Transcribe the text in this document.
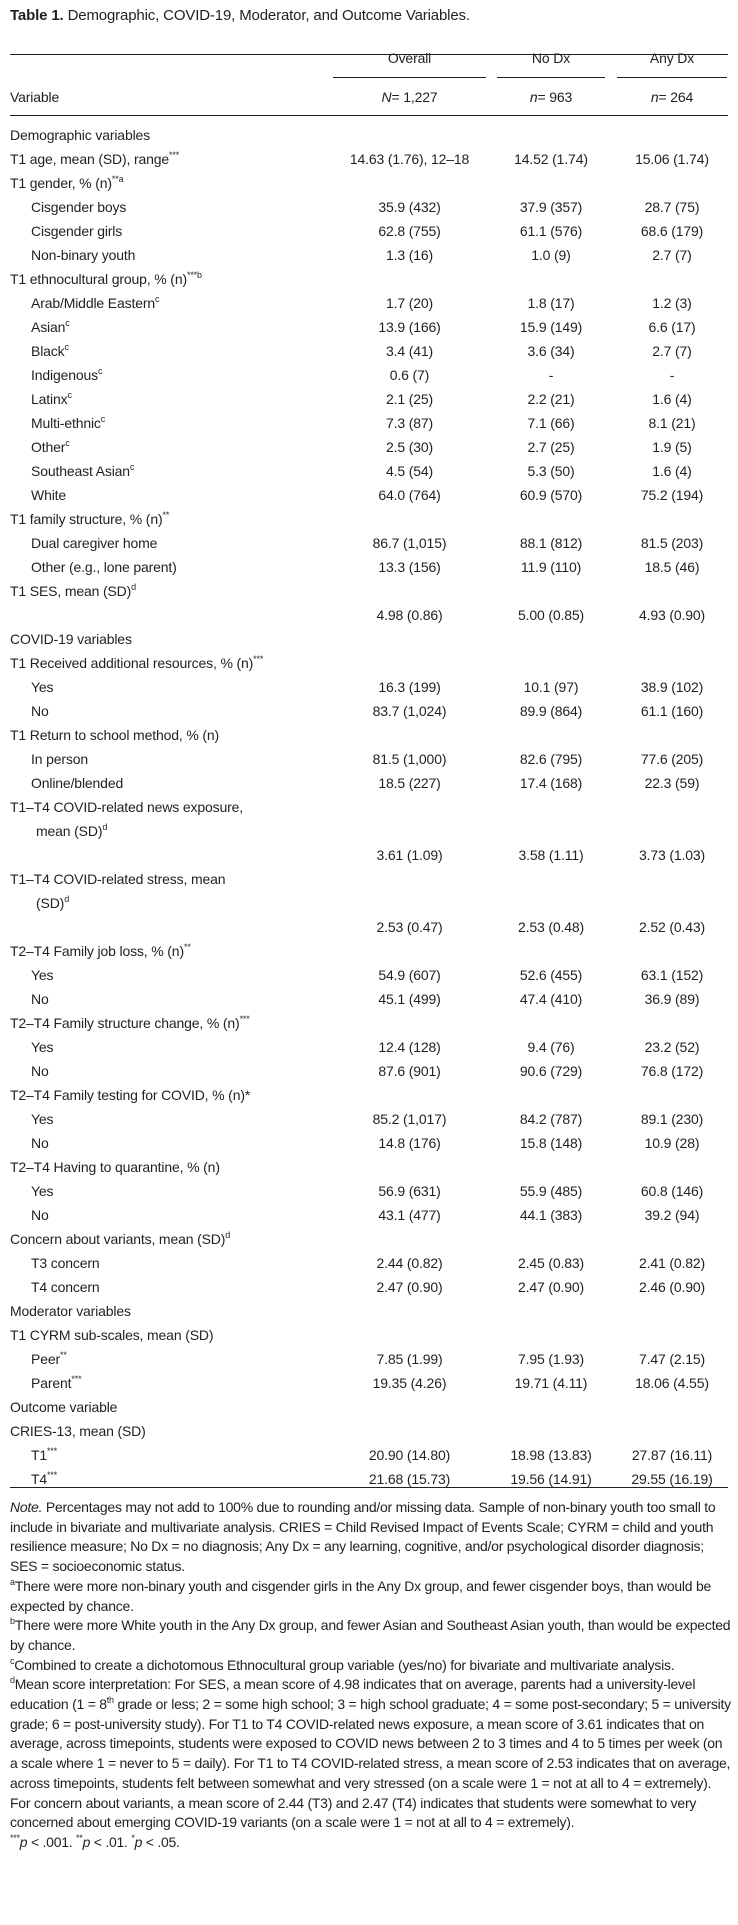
Table 1. Demographic, COVID-19, Moderator, and Outcome Variables.
Overall	No Dx	Any Dx
Variable	N= 1,227	n= 963	n= 264
Demographic variables
T1 age, mean (SD), range***	14.63 (1.76), 12–18	14.52 (1.74)	15.06 (1.74)
T1 gender, % $(n)^{**a}$
Cisgender boys	35.9 (432)	37.9 (357)	28.7 (75)
Cisgender girls	62.8 (755)	61.1 (576)	68.6 (179)
Non-binary youth	1.3 (16)	1.0 (9)	2.7 (7)
T1 ethnocultural group, % $(n)^{***b}$
Arab/Middle Eastern$^c$	1.7 (20)	1.8 (17)	1.2 (3)
Asian$^c$	13.9 (166)	15.9 (149)	6.6 (17)
Black$^c$	3.4 (41)	3.6 (34)	2.7 (7)
Indigenous$^c$	0.6 (7)	-	-
Latinx$^c$	2.1 (25)	2.2 (21)	1.6 (4)
Multi-ethnic$^c$	7.3 (87)	7.1 (66)	8.1 (21)
Other$^c$	2.5 (30)	2.7 (25)	1.9 (5)
Southeast Asian$^c$	4.5 (54)	5.3 (50)	1.6 (4)
White	64.0 (764)	60.9 (570)	75.2 (194)
T1 family structure, % (n)**
Dual caregiver home	86.7 (1,015)	88.1 (812)	81.5 (203)
Other (e.g., lone parent)	13.3 (156)	11.9 (110)	18.5 (46)
T1 SES, mean (SD)$^d$
4.98 (0.86)	5.00 (0.85)	4.93 (0.90)
COVID-19 variables
T1 Received additional resources, % (n)***
Yes	16.3 (199)	10.1 (97)	38.9 (102)
No	83.7 (1,024)	89.9 (864)	61.1 (160)
T1 Return to school method, % (n)
In person	81.5 (1,000)	82.6 (795)	77.6 (205)
Online/blended	18.5 (227)	17.4 (168)	22.3 (59)
T1–T4 COVID-related news exposure,
mean (SD)$^d$
3.61 (1.09)	3.58 (1.11)	3.73 (1.03)
T1–T4 COVID-related stress, mean
(SD)$^d$
2.53 (0.47)	2.53 (0.48)	2.52 (0.43)
T2–T4 Family job loss, % (n)**
Yes	54.9 (607)	52.6 (455)	63.1 (152)
No	45.1 (499)	47.4 (410)	36.9 (89)
T2–T4 Family structure change, % (n)***
Yes	12.4 (128)	9.4 (76)	23.2 (52)
No	87.6 (901)	90.6 (729)	76.8 (172)
T2–T4 Family testing for COVID, % (n)*
Yes	85.2 (1,017)	84.2 (787)	89.1 (230)
No	14.8 (176)	15.8 (148)	10.9 (28)
T2–T4 Having to quarantine, % (n)
Yes	56.9 (631)	55.9 (485)	60.8 (146)
No	43.1 (477)	44.1 (383)	39.2 (94)
Concern about variants, mean (SD)$^d$
T3 concern	2.44 (0.82)	2.45 (0.83)	2.41 (0.82)
T4 concern	2.47 (0.90)	2.47 (0.90)	2.46 (0.90)
Moderator variables
T1 CYRM sub-scales, mean (SD)
Peer**	7.85 (1.99)	7.95 (1.93)	7.47 (2.15)
Parent***	19.35 (4.26)	19.71 (4.11)	18.06 (4.55)
Outcome variable
CRIES-13, mean (SD)
T1***	20.90 (14.80)	18.98 (13.83)	27.87 (16.11)
T4***	21.68 (15.73)	19.56 (14.91)	29.55 (16.19)

Note. Percentages may not add to 100% due to rounding and/or missing data. Sample of non-binary youth too small to include in bivariate and multivariate analysis. CRIES = Child Revised Impact of Events Scale; CYRM = child and youth resilience measure; No Dx = no diagnosis; Any Dx = any learning, cognitive, and/or psychological disorder diagnosis; SES = socioeconomic status.

$^a$There were more non-binary youth and cisgender girls in the Any Dx group, and fewer cisgender boys, than would be expected by chance.

$^b$There were more White youth in the Any Dx group, and fewer Asian and Southeast Asian youth, than would be expected by chance.

$^c$Combined to create a dichotomous Ethnocultural group variable (yes/no) for bivariate and multivariate analysis.

$^d$Mean score interpretation: For SES, a mean score of 4.98 indicates that on average, parents had a university-level education (1 = 8th grade or less; 2 = some high school; 3 = high school graduate; 4 = some post-secondary; 5 = university grade; 6 = post-university study). For T1 to T4 COVID-related news exposure, a mean score of 3.61 indicates that on average, across timepoints, students were exposed to COVID news between 2 to 3 times and 4 to 5 times per week (on a scale where 1 = never to 5 = daily). For T1 to T4 COVID-related stress, a mean score of 2.53 indicates that on average, across timepoints, students felt between somewhat and very stressed (on a scale were 1 = not at all to 4 = extremely). For concern about variants, a mean score of 2.44 (T3) and 2.47 (T4) indicates that students were somewhat to very concerned about emerging COVID-19 variants (on a scale were 1 = not at all to 4 = extremely).

***p < .001. **p < .01. *p < .05.
